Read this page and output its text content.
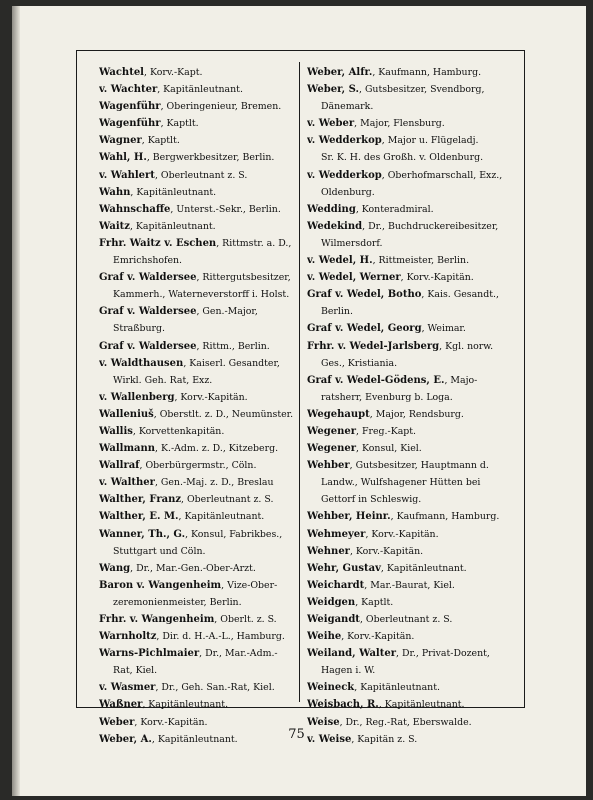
Wachtel, Korv.-Kapt.
v. Wachter, Kapitänleutnant.
Wagenführ, Oberingenieur, Bremen.
Wagenführ, Kaptlt.
Wagner, Kaptlt.
Wahl, H., Bergwerkbesitzer, Berlin.
v. Wahlert, Oberleutnant z. S.
Wahn, Kapitänleutnant.
Wahnschaffe, Unterst.-Sekr., Berlin.
Waitz, Kapitänleutnant.
Frhr. Waitz v. Eschen, Rittmstr. a. D.,
Emrichshofen.
Graf v. Waldersee, Rittergutsbesitzer,
Kammerh., Waterneverstorff i. Holst.
Graf v. Waldersee, Gen.-Major,
Straßburg.
Graf v. Waldersee, Rittm., Berlin.
v. Waldthausen, Kaiserl. Gesandter,
Wirkl. Geh. Rat, Exz.
v. Wallenberg, Korv.-Kapitän.
Walleniuš, Oberstlt. z. D., Neumünster.
Wallis, Korvettenkapitän.
Wallmann, K.-Adm. z. D., Kitzeberg.
Wallraf, Oberbürgermstr., Cöln.
v. Walther, Gen.-Maj. z. D., Breslau
Walther, Franz, Oberleutnant z. S.
Walther, E. M., Kapitänleutnant.
Wanner, Th., G., Konsul, Fabrikbes.,
Stuttgart und Cöln.
Wang, Dr., Mar.-Gen.-Ober-Arzt.
Baron v. Wangenheim, Vize-Ober-
zeremonienmeister, Berlin.
Frhr. v. Wangenheim, Oberlt. z. S.
Warnholtz, Dir. d. H.-A.-L., Hamburg.
Warns-Pichlmaier, Dr., Mar.-Adm.-
Rat, Kiel.
v. Wasmer, Dr., Geh. San.-Rat, Kiel.
Waßner, Kapitänleutnant.
Weber, Korv.-Kapitän.
Weber, A., Kapitänleutnant.
Weber, Alfr., Kaufmann, Hamburg.
Weber, S., Gutsbesitzer, Svendborg,
Dänemark.
v. Weber, Major, Flensburg.
v. Wedderkop, Major u. Flügeladj.
Sr. K. H. des Großh. v. Oldenburg.
v. Wedderkop, Oberhofmarschall, Exz.,
Oldenburg.
Wedding, Konteradmiral.
Wedekind, Dr., Buchdruckereibesitzer,
Wilmersdorf.
v. Wedel, H., Rittmeister, Berlin.
v. Wedel, Werner, Korv.-Kapitän.
Graf v. Wedel, Botho, Kais. Gesandt.,
Berlin.
Graf v. Wedel, Georg, Weimar.
Frhr. v. Wedel-Jarlsberg, Kgl. norw.
Ges., Kristiania.
Graf v. Wedel-Gödens, E., Majo-
ratsherr, Evenburg b. Loga.
Wegehaupt, Major, Rendsburg.
Wegener, Freg.-Kapt.
Wegener, Konsul, Kiel.
Wehber, Gutsbesitzer, Hauptmann d.
Landw., Wulfshagener Hütten bei
Gettorf in Schleswig.
Wehber, Heinr., Kaufmann, Hamburg.
Wehmeyer, Korv.-Kapitän.
Wehner, Korv.-Kapitän.
Wehr, Gustav, Kapitänleutnant.
Weichardt, Mar.-Baurat, Kiel.
Weidgen, Kaptlt.
Weigandt, Oberleutnant z. S.
Weihe, Korv.-Kapitän.
Weiland, Walter, Dr., Privat-Dozent,
Hagen i. W.
Weineck, Kapitänleutnant.
Weisbach, R., Kapitänleutnant.
Weise, Dr., Reg.-Rat, Eberswalde.
v. Weise, Kapitän z. S.
75
